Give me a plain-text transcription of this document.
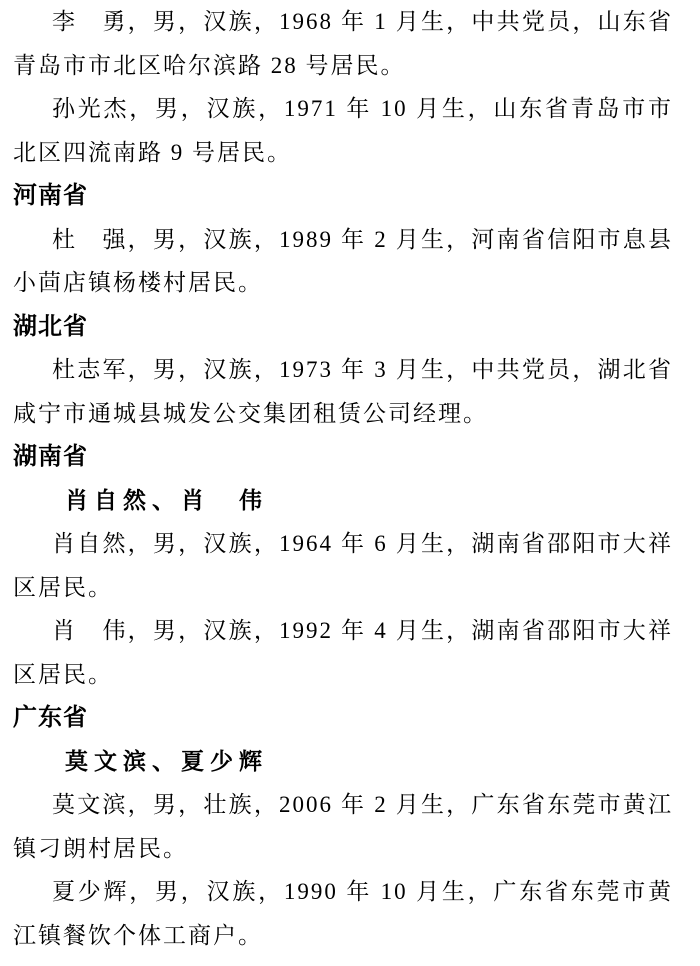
李　勇，男，汉族，1968 年 1 月生，中共党员，山东省青岛市市北区哈尔滨路 28 号居民。

孙光杰，男，汉族，1971 年 10 月生，山东省青岛市市北区四流南路 9 号居民。

河南省

杜　强，男，汉族，1989 年 2 月生，河南省信阳市息县小茴店镇杨楼村居民。

湖北省

杜志军，男，汉族，1973 年 3 月生，中共党员，湖北省咸宁市通城县城发公交集团租赁公司经理。

湖南省

肖自然、肖　伟

肖自然，男，汉族，1964 年 6 月生，湖南省邵阳市大祥区居民。

肖　伟，男，汉族，1992 年 4 月生，湖南省邵阳市大祥区居民。

广东省

莫文滨、夏少辉

莫文滨，男，壮族，2006 年 2 月生，广东省东莞市黄江镇刁朗村居民。

夏少辉，男，汉族，1990 年 10 月生，广东省东莞市黄江镇餐饮个体工商户。
